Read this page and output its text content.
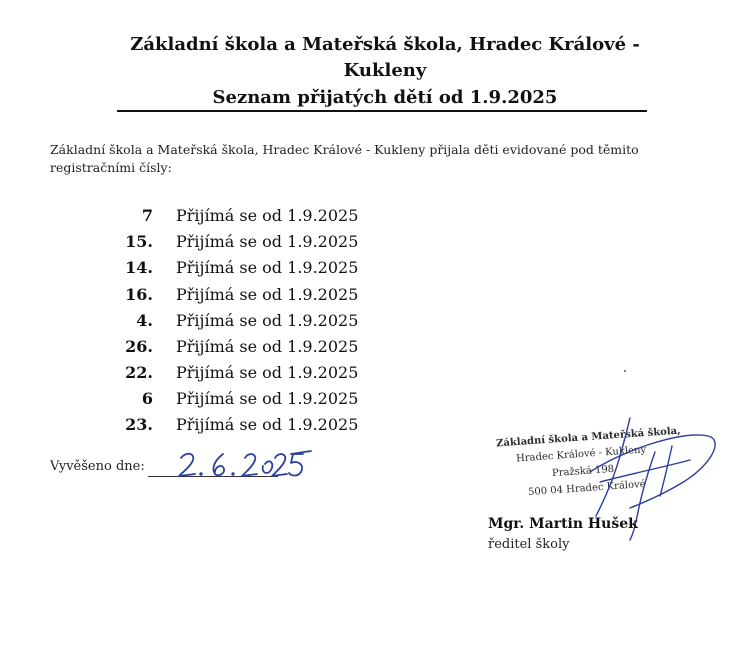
Základní škola a Mateřská škola, Hradec Králové -
Kukleny
Seznam přijatých dětí od 1.9.2025
Základní škola a Mateřská škola, Hradec Králové - Kukleny přijala děti evidované pod těmito registračními čísly:
7 Přijímá se od 1.9.2025
15. Přijímá se od 1.9.2025
14. Přijímá se od 1.9.2025
16. Přijímá se od 1.9.2025
4. Přijímá se od 1.9.2025
26. Přijímá se od 1.9.2025
22. Přijímá se od 1.9.2025
6 Přijímá se od 1.9.2025
23. Přijímá se od 1.9.2025
Vyvěšeno dne:
Základní škola a Mateřská škola,
Hradec Králové - Kukleny
Pražská 198
500 04 Hradec Králové
Mgr. Martin Hušek
ředitel školy
